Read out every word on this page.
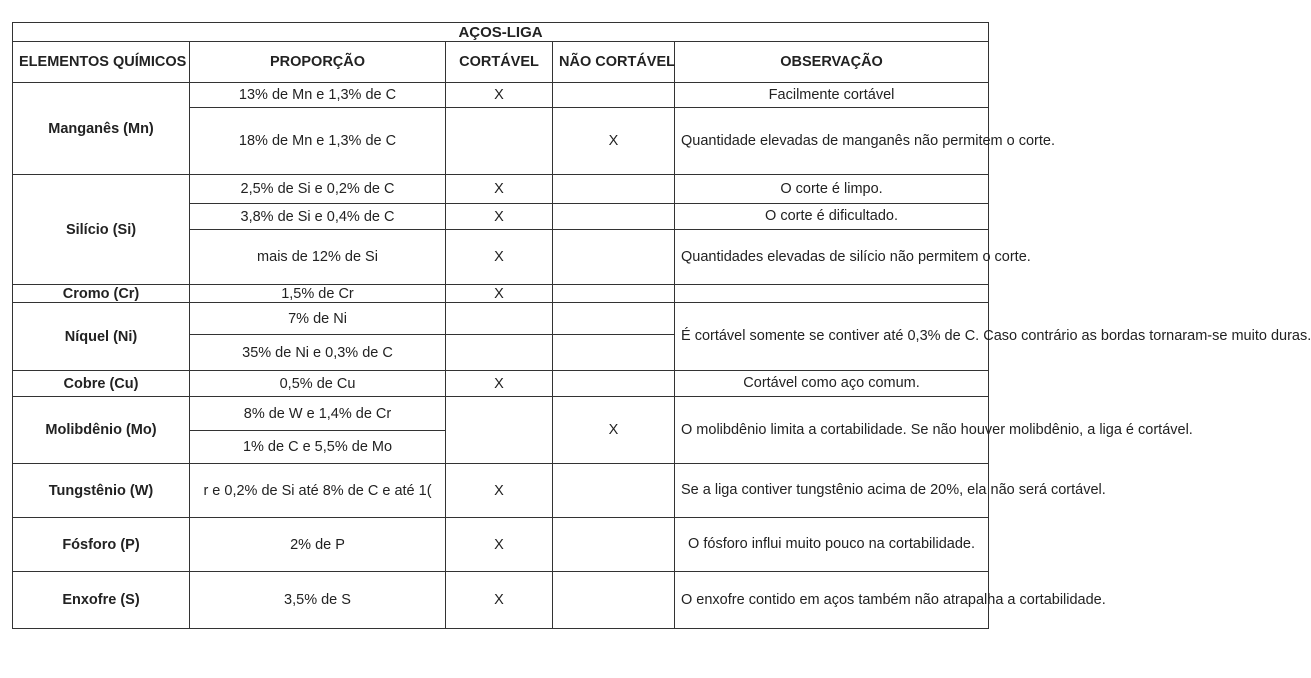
AÇOS-LIGA				
ELEMENTOS QUÍMICOS	PROPORÇÃO	CORTÁVEL	NÃO CORTÁVEL	OBSERVAÇÃO
Manganês (Mn)	13% de Mn e 1,3% de C	X		Facilmente cortável
	18% de Mn e 1,3% de C		X	Quantidade elevadas de manganês não permitem o corte.
Silício (Si)	2,5% de Si e 0,2% de C	X		O corte é limpo.
	3,8% de Si e 0,4% de C	X		O corte é dificultado.
	mais de 12% de Si	X		Quantidades elevadas de silício não permitem o corte.
Cromo (Cr)	1,5% de Cr	X		
Níquel (Ni)	7% de Ni			É cortável somente se contiver até 0,3% de C. Caso contrário as bordas tornaram-se muito duras.
	35% de Ni e 0,3% de C			
Cobre (Cu)	0,5% de Cu	X		Cortável como aço comum.
Molibdênio (Mo)	8% de W e 1,4% de Cr		X	O molibdênio limita a cortabilidade. Se não houver molibdênio, a liga é cortável.
	1% de C e 5,5% de Mo			
Tungstênio (W)	r e 0,2% de Si até 8% de C e até 1(	X		Se a liga contiver tungstênio acima de 20%, ela não será cortável.
Fósforo (P)	2% de P	X		O fósforo influi muito pouco na cortabilidade.
Enxofre (S)	3,5% de S	X		O enxofre contido em aços também não atrapalha a cortabilidade.
